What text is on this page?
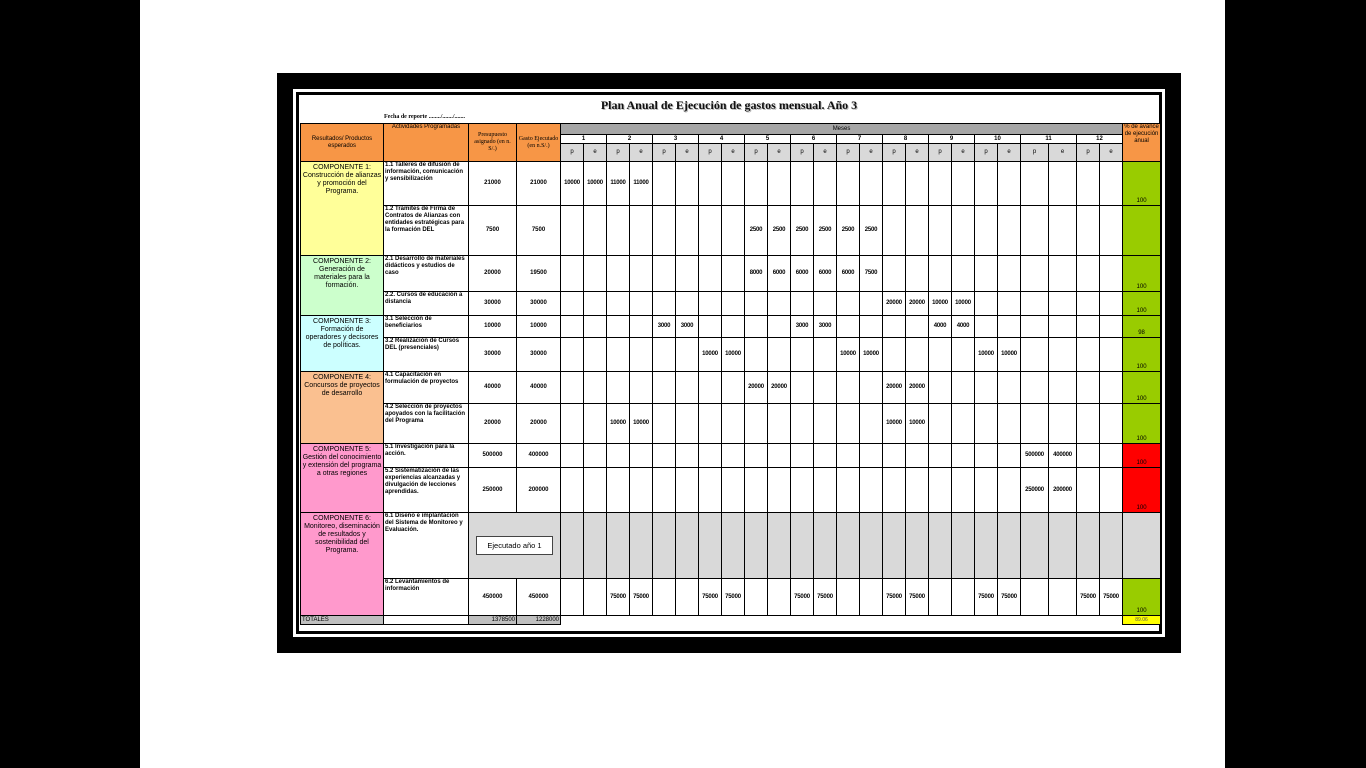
Plan Anual de Ejecución de gastos mensual. Año 3
Fecha de reporte ......../......./.......
Resultados/ Productos esperados	Actividades Programadas	Presupuesto asignado (en n. S/.)	Gasto Ejecutado (en n.S/.)	Meses																								% de avance de ejecución anual
				1		2		3		4		5		6		7		8		9		10		11		12		
				p	e	p	e	p	e	p	e	p	e	p	e	p	e	p	e	p	e	p	e	p	e	p	e	
COMPONENTE 1: Construcción de alianzas y promoción del Programa.	1.1 Talleres de difusión de información, comunicación y sensibilización	21000	21000	10000	10000	11000	11000																					100
	1.2 Trámites de Firma de Contratos de Alianzas con entidades estratégicas para la formación DEL	7500	7500									2500	2500	2500	2500	2500	2500											
COMPONENTE 2: Generación de materiales para la formación.	2.1 Desarrollo de materiales didácticos y estudios de caso	20000	19500									8000	6000	6000	6000	6000	7500											100
	2.2. Cursos de educación a distancia	30000	30000															20000	20000	10000	10000							100
COMPONENTE 3: Formación de operadores y decisores de políticas.	3.1 Selección de beneficiarios	10000	10000					3000	3000					3000	3000					4000	4000							98
	3.2 Realización de Cursos DEL (presenciales)	30000	30000							10000	10000					10000	10000					10000	10000					100
COMPONENTE 4: Concursos de proyectos de desarrollo	4.1 Capacitación en formulación de proyectos	40000	40000									20000	20000					20000	20000									100
	4.2 Selección de proyectos apoyados con la facilitación del Programa	20000	20000			10000	10000											10000	10000									100
COMPONENTE 5: Gestión del conocimiento y extensión del programa a otras regiones	5.1 Investigación para la acción.	500000	400000																					500000	400000			100
	5.2 Sistematización de las experiencias alcanzadas y divulgación de lecciones aprendidas.	250000	200000																					250000	200000			100
COMPONENTE 6: Monitoreo, diseminación de resultados y sostenibilidad del Programa.	6.1 Diseño e implantación del Sistema de Monitoreo y Evaluación.	Ejecutado año 1																										
	6.2 Levantamientos de información	450000	450000			75000	75000			75000	75000			75000	75000			75000	75000			75000	75000			75000	75000	100
TOTALES		1378500	1228000																									89.06
